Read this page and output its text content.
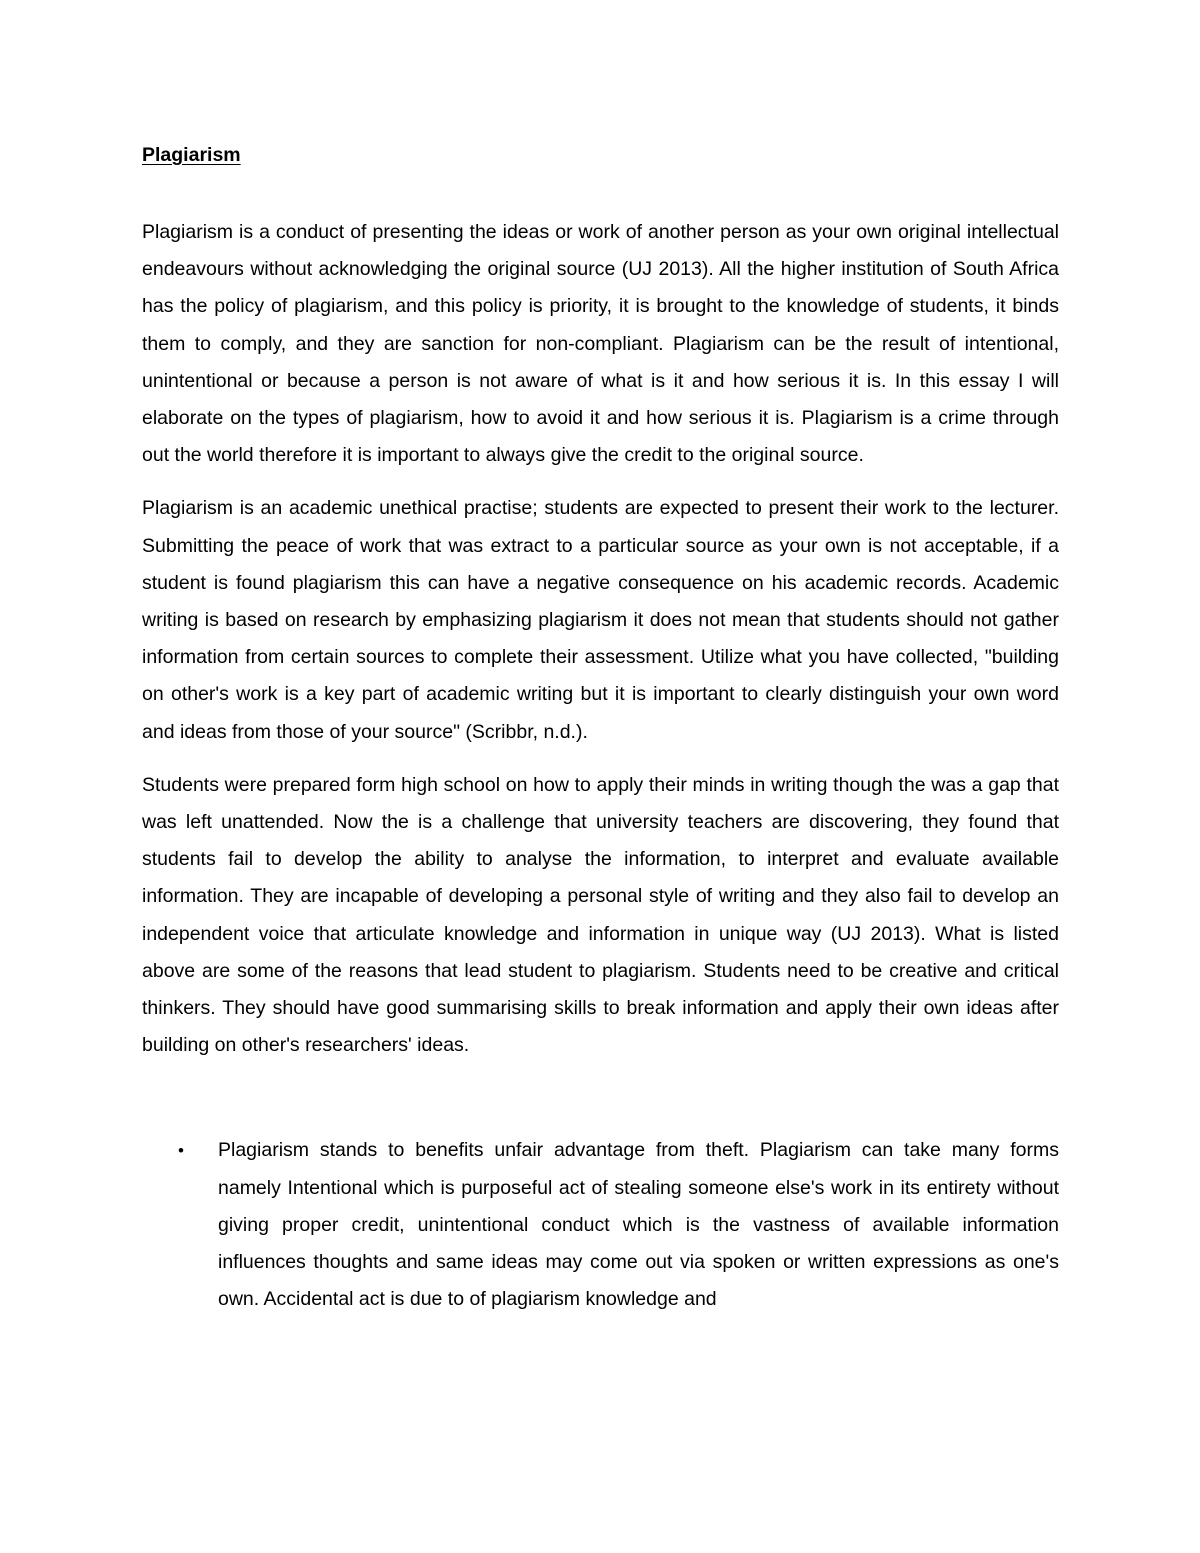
Plagiarism

Plagiarism is a conduct of presenting the ideas or work of another person as your own original intellectual endeavours without acknowledging the original source (UJ 2013). All the higher institution of South Africa has the policy of plagiarism, and this policy is priority, it is brought to the knowledge of students, it binds them to comply, and they are sanction for non-compliant. Plagiarism can be the result of intentional, unintentional or because a person is not aware of what is it and how serious it is. In this essay I will elaborate on the types of plagiarism, how to avoid it and how serious it is. Plagiarism is a crime through out the world therefore it is important to always give the credit to the original source.

Plagiarism is an academic unethical practise; students are expected to present their work to the lecturer. Submitting the peace of work that was extract to a particular source as your own is not acceptable, if a student is found plagiarism this can have a negative consequence on his academic records. Academic writing is based on research by emphasizing plagiarism it does not mean that students should not gather information from certain sources to complete their assessment. Utilize what you have collected, "building on other's work is a key part of academic writing but it is important to clearly distinguish your own word and ideas from those of your source" (Scribbr, n.d.).

Students were prepared form high school on how to apply their minds in writing though the was a gap that was left unattended. Now the is a challenge that university teachers are discovering, they found that students fail to develop the ability to analyse the information, to interpret and evaluate available information. They are incapable of developing a personal style of writing and they also fail to develop an independent voice that articulate knowledge and information in unique way (UJ 2013). What is listed above are some of the reasons that lead student to plagiarism. Students need to be creative and critical thinkers. They should have good summarising skills to break information and apply their own ideas after building on other's researchers' ideas.

• Plagiarism stands to benefits unfair advantage from theft. Plagiarism can take many forms namely Intentional which is purposeful act of stealing someone else's work in its entirety without giving proper credit, unintentional conduct which is the vastness of available information influences thoughts and same ideas may come out via spoken or written expressions as one's own. Accidental act is due to of plagiarism knowledge and
